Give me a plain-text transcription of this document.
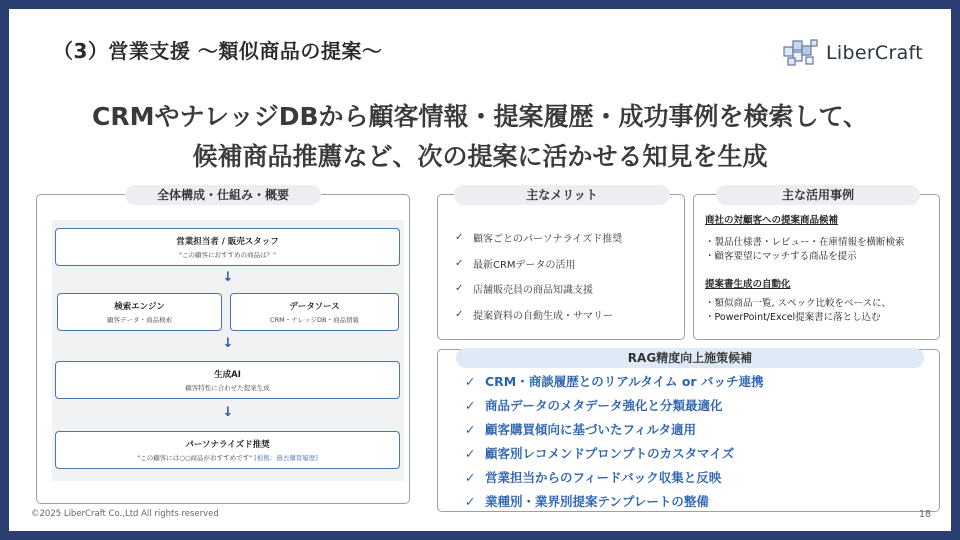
（3）営業支援 〜類似商品の提案〜	LiberCraft
CRMやナレッジDBから顧客情報・提案履歴・成功事例を検索して、
候補商品推薦など、次の提案に活かせる知見を生成
全体構成・仕組み・概要
営業担当者 / 販売スタッフ
"この顧客におすすめの商品は？"
↓
検索エンジン
顧客データ・商品検索
データソース
CRM・ナレッジDB・商品情報
↓
生成AI
顧客特性に合わせた提案生成
↓
パーソナライズド推奨
"この顧客には○○商品がおすすめです" [根拠：過去購買履歴]
主なメリット
✓ 顧客ごとのパーソナライズド推奨
✓ 最新CRMデータの活用
✓ 店舗販売員の商品知識支援
✓ 提案資料の自動生成・サマリー
主な活用事例
商社の対顧客への提案商品候補
・製品仕様書・レビュー・在庫情報を横断検索
・顧客要望にマッチする商品を提示
提案書生成の自動化
・類似商品一覧, スペック比較をベースに、
・PowerPoint/Excel提案書に落とし込む
RAG精度向上施策候補
✓ CRM・商談履歴とのリアルタイム or バッチ連携
✓ 商品データのメタデータ強化と分類最適化
✓ 顧客購買傾向に基づいたフィルタ適用
✓ 顧客別レコメンドプロンプトのカスタマイズ
✓ 営業担当からのフィードバック収集と反映
✓ 業種別・業界別提案テンプレートの整備
©2025 LiberCraft Co.,Ltd All rights reserved	18
